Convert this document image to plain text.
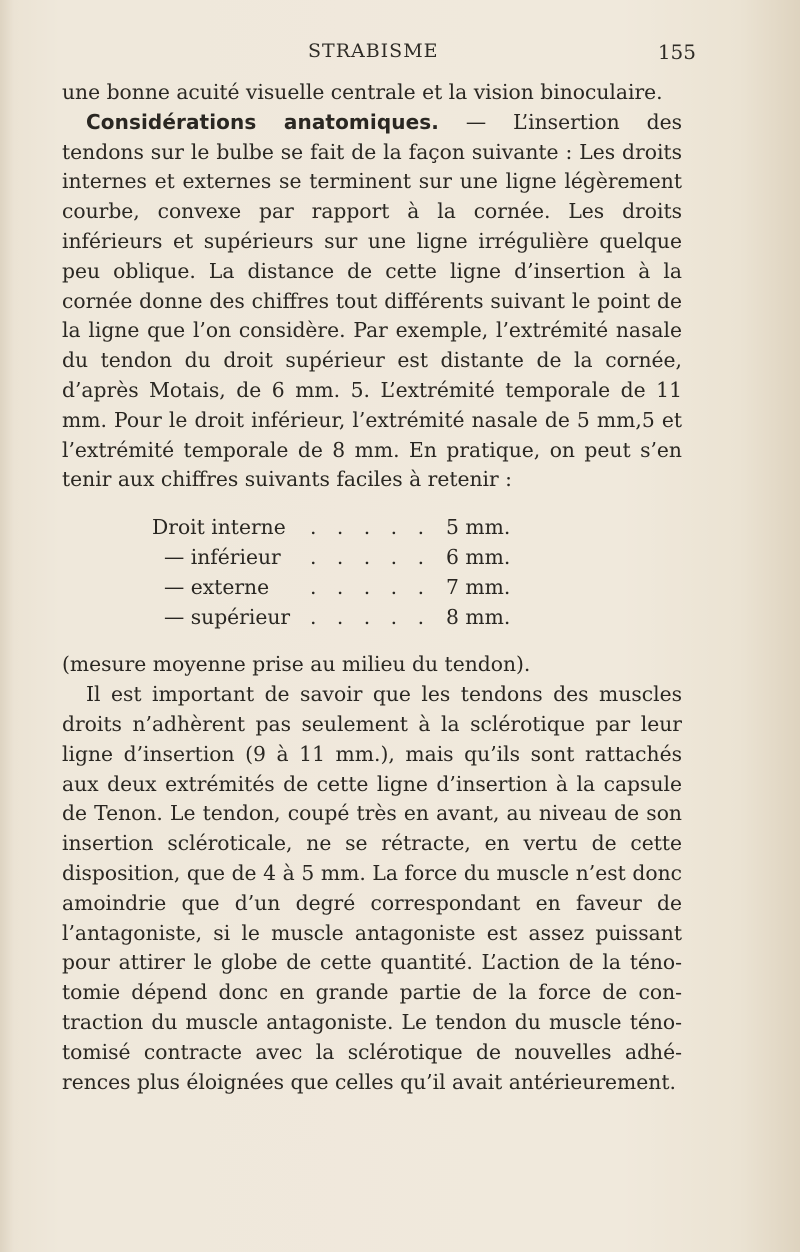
STRABISME	155

une bonne acuité visuelle centrale et la vision binoculaire.

Considérations anatomiques. — L’insertion des tendons sur le bulbe se fait de la façon suivante : Les droits internes et externes se terminent sur une ligne légèrement courbe, convexe par rapport à la cornée. Les droits inférieurs et supérieurs sur une ligne irrégulière quelque peu oblique. La distance de cette ligne d’insertion à la cornée donne des chiffres tout différents suivant le point de la ligne que l’on considère. Par exemple, l’extrémité nasale du tendon du droit supérieur est distante de la cornée, d’après Motais, de 6 mm. 5. L’extrémité temporale de 11 mm. Pour le droit inférieur, l’extrémité nasale de 5 mm,5 et l’extrémité temporale de 8 mm. En pratique, on peut s’en tenir aux chiffres suivants faciles à retenir :

Droit interne	. . . . .	5 mm.
— inférieur	. . . . .	6 mm.
— externe	. . . . .	7 mm.
— supérieur	. . . . .	8 mm.

(mesure moyenne prise au milieu du tendon).

Il est important de savoir que les tendons des muscles droits n’adhèrent pas seulement à la sclérotique par leur ligne d’insertion (9 à 11 mm.), mais qu’ils sont rattachés aux deux extrémités de cette ligne d’insertion à la capsule de Tenon. Le tendon, coupé très en avant, au niveau de son insertion scléroticale, ne se rétracte, en vertu de cette disposition, que de 4 à 5 mm. La force du muscle n’est donc amoindrie que d’un degré correspondant en faveur de l’antagoniste, si le muscle antagoniste est assez puissant pour attirer le globe de cette quantité. L’action de la ténotomie dépend donc en grande partie de la force de contraction du muscle antagoniste. Le tendon du muscle ténotomisé contracte avec la sclérotique de nouvelles adhérences plus éloignées que celles qu’il avait antérieurement.
